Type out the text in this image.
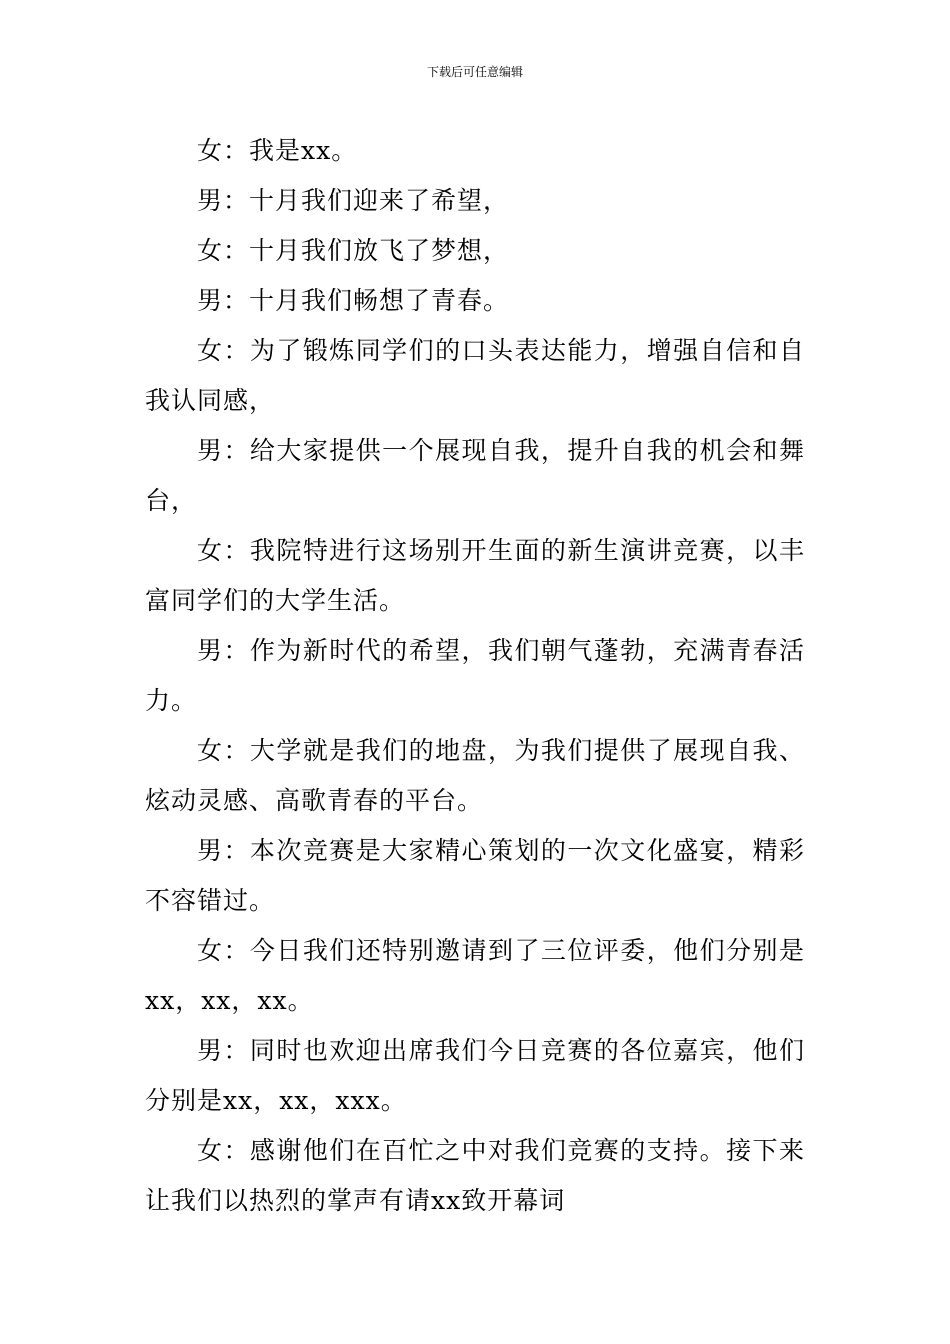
下载后可任意编辑

女：我是xx。

男：十月我们迎来了希望，

女：十月我们放飞了梦想，

男：十月我们畅想了青春。

女：为了锻炼同学们的口头表达能力，增强自信和自我认同感，

男：给大家提供一个展现自我，提升自我的机会和舞台，

女：我院特进行这场别开生面的新生演讲竞赛，以丰富同学们的大学生活。

男：作为新时代的希望，我们朝气蓬勃，充满青春活力。

女：大学就是我们的地盘，为我们提供了展现自我、炫动灵感、高歌青春的平台。

男：本次竞赛是大家精心策划的一次文化盛宴，精彩不容错过。

女：今日我们还特别邀请到了三位评委，他们分别是xx，xx，xx。

男：同时也欢迎出席我们今日竞赛的各位嘉宾，他们分别是xx，xx，xxx。

女：感谢他们在百忙之中对我们竞赛的支持。接下来让我们以热烈的掌声有请xx致开幕词
